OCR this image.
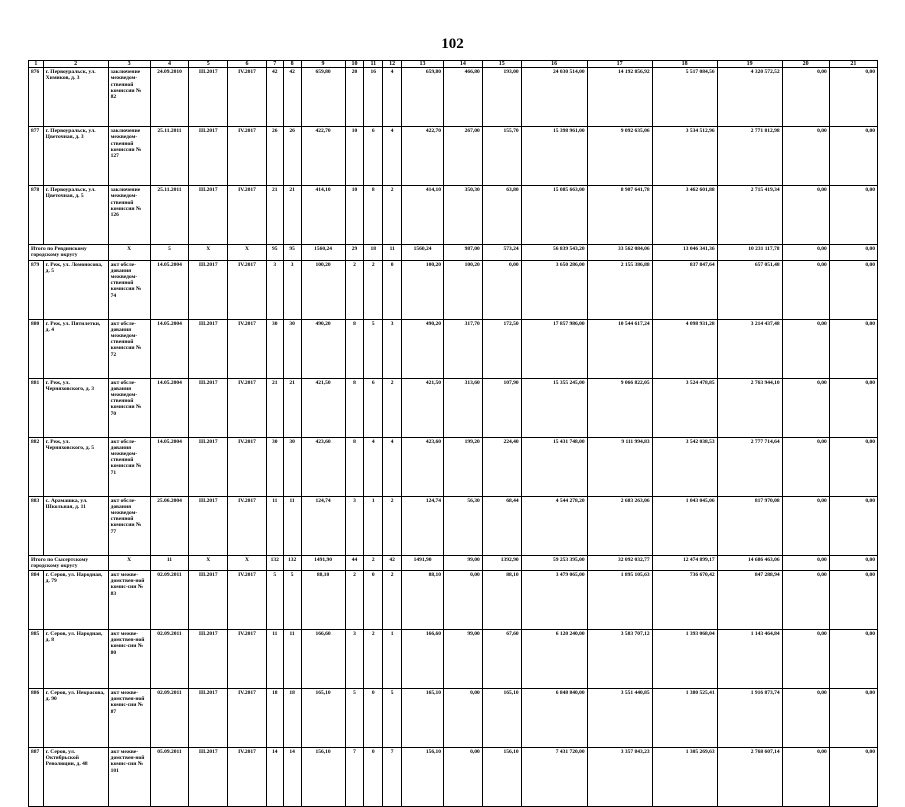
102
1	2	3	4	5	6	7	8	9	10	11	12	13	14	15	16	17	18	19	20	21
876	г. Первоуральск, ул. Химиков, д. 3	заключение межведом-ственной комиссии № 82	24.09.2010	III.2017	IV.2017	42	42	659,80	20	16	4	659,80	466,80	193,00	24 030 514,00	14 192 856,92	5 517 084,56	4 320 572,52	0,00	0,00
877	г. Первоуральск, ул. Цветочная, д. 3	заключение межведом-ственной комиссии № 127	25.11.2011	III.2017	IV.2017	26	26	422,70	10	6	4	422,70	267,00	155,70	15 398 961,00	9 092 635,06	3 534 512,96	2 771 812,98	0,00	0,00
878	г. Первоуральск, ул. Цветочная, д. 5	заключение межведом-ственной комиссии № 126	25.11.2011	III.2017	IV.2017	21	21	414,10	10	8	2	414,10	350,30	63,80	15 085 663,00	8 907 641,78	3 462 601,88	2 715 419,34	0,00	0,00
Итого по Ревдинскому городскому округу		X	5	X	X	95	95	1560,24	29	18	11	1560,24	987,00	573,24	56 839 543,20	33 562 084,06	13 046 341,36	10 231 117,78	0,00	0,00
879	г. Реж, ул. Ломоносова, д. 5	акт обсле-дования межведом-ственной комиссии № 74	14.05.2004	III.2017	IV.2017	3	3	100,20	2	2	0	100,20	100,20	0,00	3 650 286,00	2 155 386,88	837 847,64	657 051,48	0,00	0,00
880	г. Реж, ул. Пятилетки, д. 4	акт обсле-дования межведом-ственной комиссии № 72	14.05.2004	III.2017	IV.2017	30	30	490,20	8	5	3	490,20	317,70	172,50	17 857 986,00	10 544 617,24	4 098 931,28	3 214 437,48	0,00	0,00
881	г. Реж, ул. Черняховского, д. 3	акт обсле-дования межведом-ственной комиссии № 70	14.05.2004	III.2017	IV.2017	21	21	421,50	8	6	2	421,50	313,60	107,90	15 355 245,00	9 066 822,05	3 524 478,85	2 763 944,10	0,00	0,00
882	г. Реж, ул. Черняховского, д. 5	акт обсле-дования межведом-ственной комиссии № 71	14.05.2004	III.2017	IV.2017	30	30	423,60	8	4	4	423,60	199,20	224,40	15 431 748,00	9 111 994,83	3 542 038,53	2 777 714,64	0,00	0,00
883	с. Арамашка, ул. Школьная, д. 11	акт обсле-дования межведом-ственной комиссии № 77	25.06.2004	III.2017	IV.2017	11	11	124,74	3	1	2	124,74	56,30	68,44	4 544 278,20	2 683 263,06	1 043 045,06	817 970,08	0,00	0,00
Итого по Сысертскому городскому округу		X	11	X	X	132	132	1491,90	44	2	42	1491,90	99,00	1392,90	59 253 395,00	32 092 032,77	12 474 899,17	14 686 463,06	0,00	0,00
884	г. Серов, ул. Народная, д. 79	акт межве-домствен-ной комис-сии № 83	02.09.2011	III.2017	IV.2017	5	5	88,10	2	0	2	88,10	0,00	88,10	3 479 065,00	1 895 105,63	736 670,42	847 288,94	0,00	0,00
885	г. Серов, ул. Народная, д. 8	акт межве-домствен-ной комис-сии № 80	02.09.2011	III.2017	IV.2017	11	11	166,60	3	2	1	166,60	99,00	67,60	6 120 240,00	3 583 707,12	1 393 068,04	1 143 464,84	0,00	0,00
886	г. Серов, ул. Некрасова, д. 90	акт межве-домствен-ной комис-сии № 87	02.09.2011	III.2017	IV.2017	18	18	165,10	5	0	5	165,10	0,00	165,10	6 848 840,00	3 551 440,85	1 380 525,41	1 916 873,74	0,00	0,00
887	г. Серов, ул. Октябрьской Революции, д. 48	акт межве-домствен-ной комис-сии № 101	05.09.2011	III.2017	IV.2017	14	14	156,10	7	0	7	156,10	0,00	156,10	7 431 720,00	3 357 843,23	1 305 269,63	2 768 607,14	0,00	0,00
